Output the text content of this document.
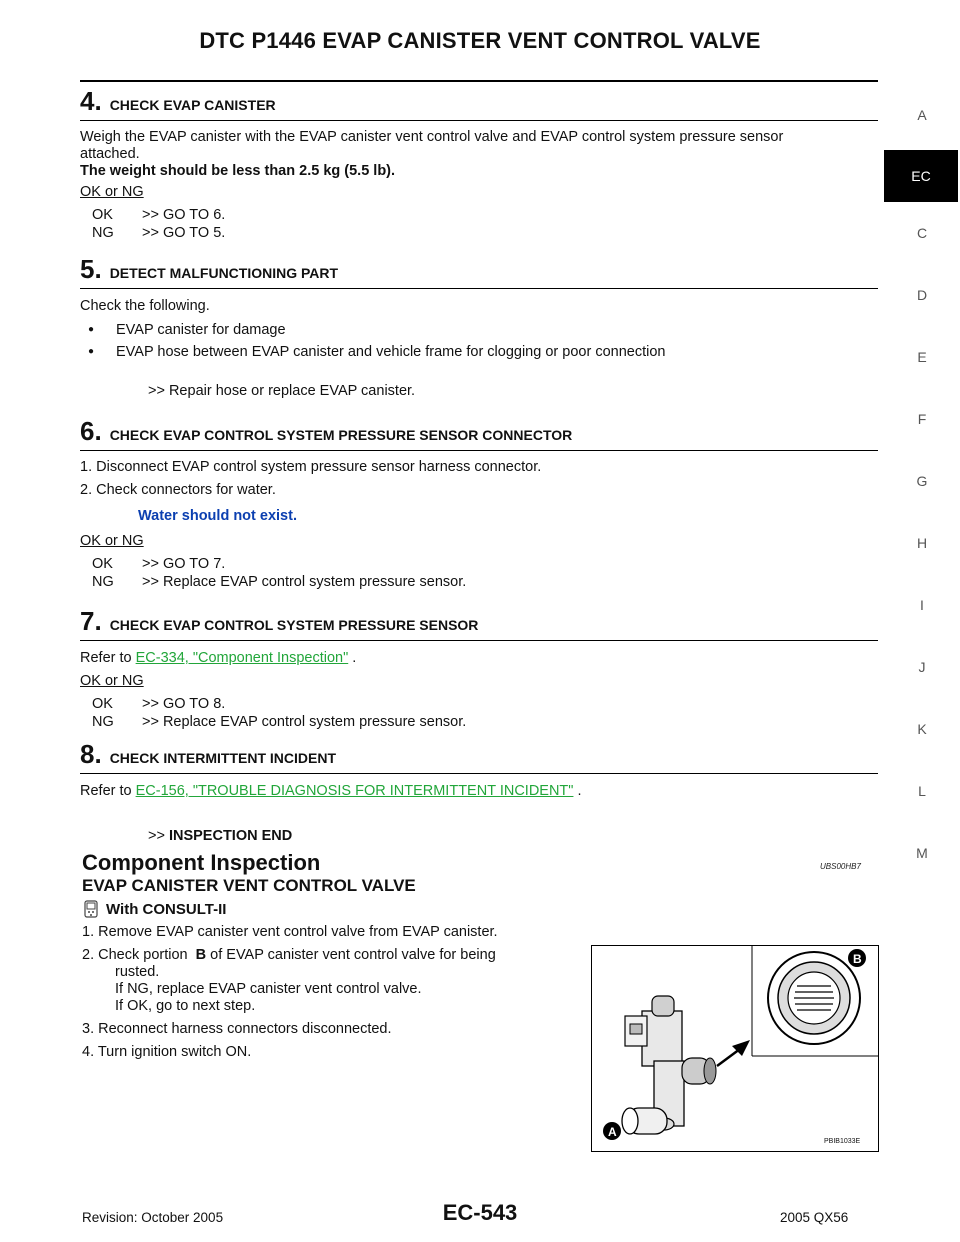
DTC P1446 EVAP CANISTER VENT CONTROL VALVE
A
EC
C
D
E
F
G
H
I
J
K
L
M
4. CHECK EVAP CANISTER
Weigh the EVAP canister with the EVAP canister vent control valve and EVAP control system pressure sensor
attached.
The weight should be less than 2.5 kg (5.5 lb).
OK or NG
OK >> GO TO 6.
NG >> GO TO 5.
5. DETECT MALFUNCTIONING PART
Check the following.
● EVAP canister for damage
● EVAP hose between EVAP canister and vehicle frame for clogging or poor connection
>> Repair hose or replace EVAP canister.
6. CHECK EVAP CONTROL SYSTEM PRESSURE SENSOR CONNECTOR
1. Disconnect EVAP control system pressure sensor harness connector.
2. Check connectors for water.
Water should not exist.
OK or NG
OK >> GO TO 7.
NG >> Replace EVAP control system pressure sensor.
7. CHECK EVAP CONTROL SYSTEM PRESSURE SENSOR
Refer to EC-334, "Component Inspection" .
OK or NG
OK >> GO TO 8.
NG >> Replace EVAP control system pressure sensor.
8. CHECK INTERMITTENT INCIDENT
Refer to EC-156, "TROUBLE DIAGNOSIS FOR INTERMITTENT INCIDENT" .
>> INSPECTION END
Component Inspection	UBS00HB7
EVAP CANISTER VENT CONTROL VALVE
With CONSULT-II
1. Remove EVAP canister vent control valve from EVAP canister.
2. Check portion B of EVAP canister vent control valve for being
rusted.
If NG, replace EVAP canister vent control valve.
If OK, go to next step.
3. Reconnect harness connectors disconnected.
4. Turn ignition switch ON.
B
A
PBIB1033E
Revision: October 2005	EC-543	2005 QX56
